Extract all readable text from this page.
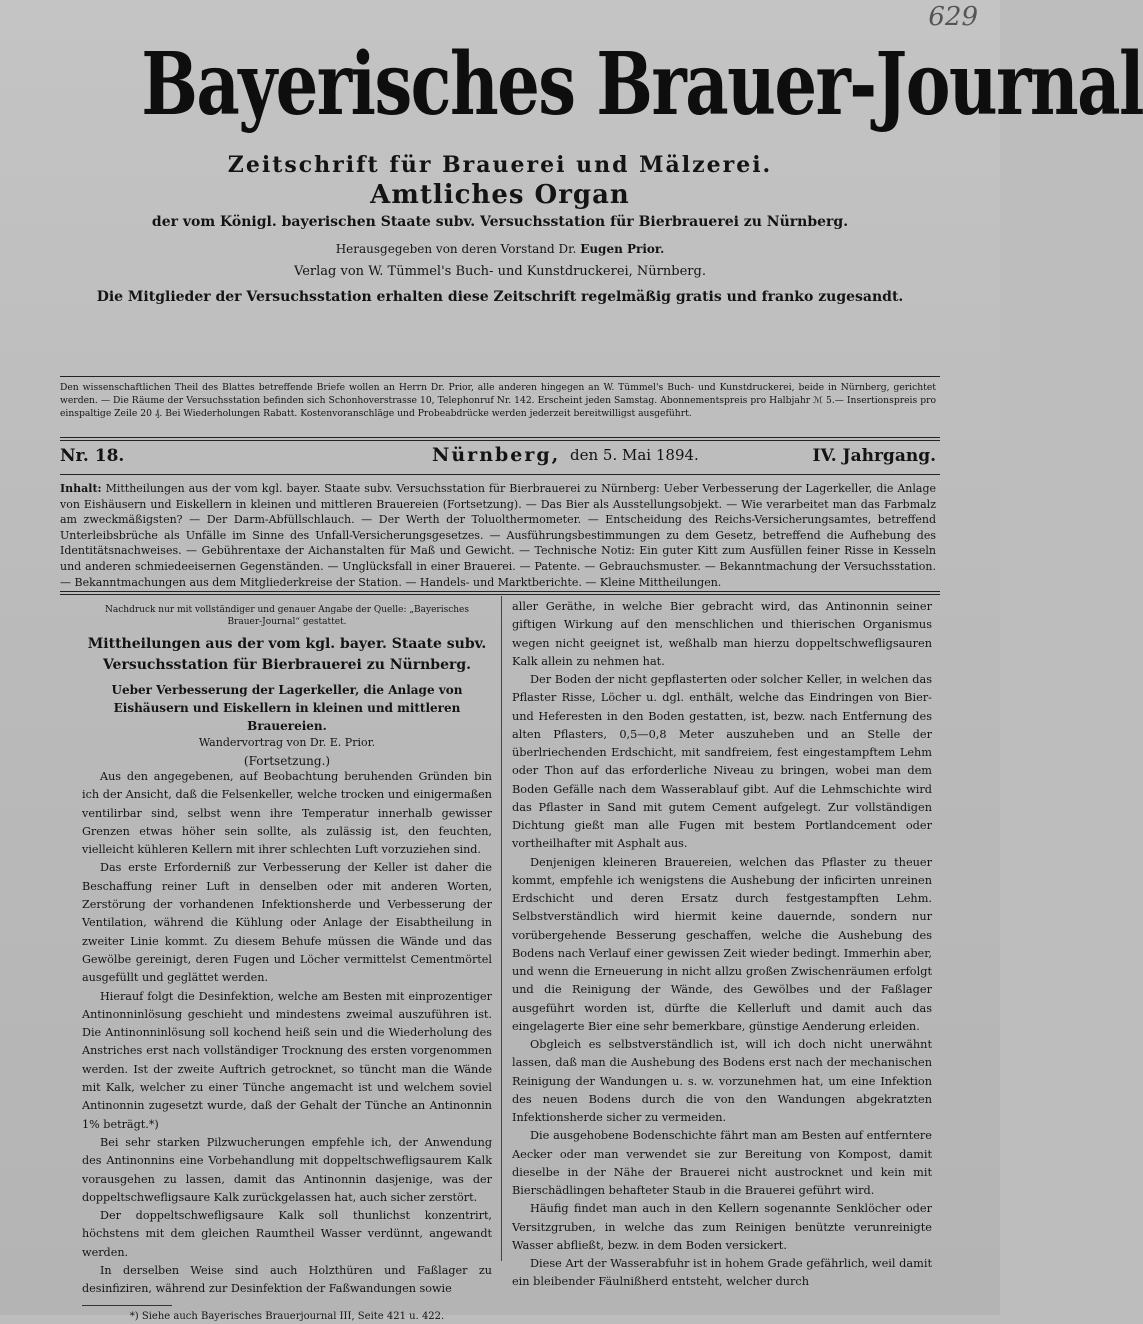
629
Bayerisches Brauer-Journal
Zeitschrift für Brauerei und Mälzerei.
Amtliches Organ
der vom Königl. bayerischen Staate subv. Versuchsstation für Bierbrauerei zu Nürnberg.
Herausgegeben von deren Vorstand Dr. Eugen Prior.
Verlag von W. Tümmel's Buch- und Kunstdruckerei, Nürnberg.
Die Mitglieder der Versuchsstation erhalten diese Zeitschrift regelmäßig gratis und franko zugesandt.
Den wissenschaftlichen Theil des Blattes betreffende Briefe wollen an Herrn Dr. Prior, alle anderen hingegen an W. Tümmel's Buch- und Kunstdruckerei, beide in Nürnberg, gerichtet werden. — Die Räume der Versuchsstation befinden sich Schonhoverstrasse 10, Telephonruf Nr. 142. Erscheint jeden Samstag. Abonnementspreis pro Halbjahr ℳ 5.— Insertionspreis pro einspaltige Zeile 20 ₰. Bei Wiederholungen Rabatt. Kostenvoranschläge und Probeabdrücke werden jederzeit bereitwilligst ausgeführt.
Nr. 18.	Nürnberg, den 5. Mai 1894.	IV. Jahrgang.
Inhalt: Mittheilungen aus der vom kgl. bayer. Staate subv. Versuchsstation für Bierbrauerei zu Nürnberg: Ueber Verbesserung der Lagerkeller, die Anlage von Eishäusern und Eiskellern in kleinen und mittleren Brauereien (Fortsetzung). — Das Bier als Ausstellungsobjekt. — Wie verarbeitet man das Farbmalz am zweckmäßigsten? — Der Darm-Abfüllschlauch. — Der Werth der Toluolthermometer. — Entscheidung des Reichs-Versicherungsamtes, betreffend Unterleibsbrüche als Unfälle im Sinne des Unfall-Versicherungsgesetzes. — Ausführungsbestimmungen zu dem Gesetz, betreffend die Aufhebung des Identitätsnachweises. — Gebührentaxe der Aichanstalten für Maß und Gewicht. — Technische Notiz: Ein guter Kitt zum Ausfüllen feiner Risse in Kesseln und anderen schmiedeeisernen Gegenständen. — Unglücksfall in einer Brauerei. — Patente. — Gebrauchsmuster. — Bekanntmachung der Versuchsstation. — Bekanntmachungen aus dem Mitgliederkreise der Station. — Handels- und Marktberichte. — Kleine Mittheilungen.
Nachdruck nur mit vollständiger und genauer Angabe der Quelle: „Bayerisches Brauer-Journal“ gestattet.
Mittheilungen aus der vom kgl. bayer. Staate subv. Versuchsstation für Bierbrauerei zu Nürnberg.
Ueber Verbesserung der Lagerkeller, die Anlage von Eishäusern und Eiskellern in kleinen und mittleren Brauereien.
Wandervortrag von Dr. E. Prior.
(Fortsetzung.)

Aus den angegebenen, auf Beobachtung beruhenden Gründen bin ich der Ansicht, daß die Felsenkeller, welche trocken und einigermaßen ventilirbar sind, selbst wenn ihre Temperatur innerhalb gewisser Grenzen etwas höher sein sollte, als zulässig ist, den feuchten, vielleicht kühleren Kellern mit ihrer schlechten Luft vorzuziehen sind.

Das erste Erforderniß zur Verbesserung der Keller ist daher die Beschaffung reiner Luft in denselben oder mit anderen Worten, Zerstörung der vorhandenen Infektionsherde und Verbesserung der Ventilation, während die Kühlung oder Anlage der Eisabtheilung in zweiter Linie kommt. Zu diesem Behufe müssen die Wände und das Gewölbe gereinigt, deren Fugen und Löcher vermittelst Cementmörtel ausgefüllt und geglättet werden.

Hierauf folgt die Desinfektion, welche am Besten mit einprozentiger Antinonninlösung geschieht und mindestens zweimal auszuführen ist. Die Antinonninlösung soll kochend heiß sein und die Wiederholung des Anstriches erst nach vollständiger Trocknung des ersten vorgenommen werden. Ist der zweite Auftrich getrocknet, so tüncht man die Wände mit Kalk, welcher zu einer Tünche angemacht ist und welchem soviel Antinonnin zugesetzt wurde, daß der Gehalt der Tünche an Antinonnin 1% beträgt.*)

Bei sehr starken Pilzwucherungen empfehle ich, der Anwendung des Antinonnins eine Vorbehandlung mit doppeltschwefligsaurem Kalk vorausgehen zu lassen, damit das Antinonnin dasjenige, was der doppeltschwefligsaure Kalk zurückgelassen hat, auch sicher zerstört.

Der doppeltschwefligsaure Kalk soll thunlichst konzentrirt, höchstens mit dem gleichen Raumtheil Wasser verdünnt, angewandt werden.

In derselben Weise sind auch Holzthüren und Faßlager zu desinfiziren, während zur Desinfektion der Faßwandungen sowie

*) Siehe auch Bayerisches Brauerjournal III, Seite 421 u. 422.

aller Geräthe, in welche Bier gebracht wird, das Antinonnin seiner giftigen Wirkung auf den menschlichen und thierischen Organismus wegen nicht geeignet ist, weßhalb man hierzu doppeltschwefligsauren Kalk allein zu nehmen hat.

Der Boden der nicht gepflasterten oder solcher Keller, in welchen das Pflaster Risse, Löcher u. dgl. enthält, welche das Eindringen von Bier- und Heferesten in den Boden gestatten, ist, bezw. nach Entfernung des alten Pflasters, 0,5—0,8 Meter auszuheben und an Stelle der überlriechenden Erdschicht, mit sandfreiem, fest eingestampftem Lehm oder Thon auf das erforderliche Niveau zu bringen, wobei man dem Boden Gefälle nach dem Wasserablauf gibt. Auf die Lehmschichte wird das Pflaster in Sand mit gutem Cement aufgelegt. Zur vollständigen Dichtung gießt man alle Fugen mit bestem Portlandcement oder vortheilhafter mit Asphalt aus.

Denjenigen kleineren Brauereien, welchen das Pflaster zu theuer kommt, empfehle ich wenigstens die Aushebung der inficirten unreinen Erdschicht und deren Ersatz durch festgestampften Lehm. Selbstverständlich wird hiermit keine dauernde, sondern nur vorübergehende Besserung geschaffen, welche die Aushebung des Bodens nach Verlauf einer gewissen Zeit wieder bedingt. Immerhin aber, und wenn die Erneuerung in nicht allzu großen Zwischenräumen erfolgt und die Reinigung der Wände, des Gewölbes und der Faßlager ausgeführt worden ist, dürfte die Kellerluft und damit auch das eingelagerte Bier eine sehr bemerkbare, günstige Aenderung erleiden.

Obgleich es selbstverständlich ist, will ich doch nicht unerwähnt lassen, daß man die Aushebung des Bodens erst nach der mechanischen Reinigung der Wandungen u. s. w. vorzunehmen hat, um eine Infektion des neuen Bodens durch die von den Wandungen abgekratzten Infektionsherde sicher zu vermeiden.

Die ausgehobene Bodenschichte fährt man am Besten auf entferntere Aecker oder man verwendet sie zur Bereitung von Kompost, damit dieselbe in der Nähe der Brauerei nicht austrocknet und kein mit Bierschädlingen behafteter Staub in die Brauerei geführt wird.

Häufig findet man auch in den Kellern sogenannte Senklöcher oder Versitzgruben, in welche das zum Reinigen benützte verunreinigte Wasser abfließt, bezw. in dem Boden versickert.

Diese Art der Wasserabfuhr ist in hohem Grade gefährlich, weil damit ein bleibender Fäulnißherd entsteht, welcher durch
